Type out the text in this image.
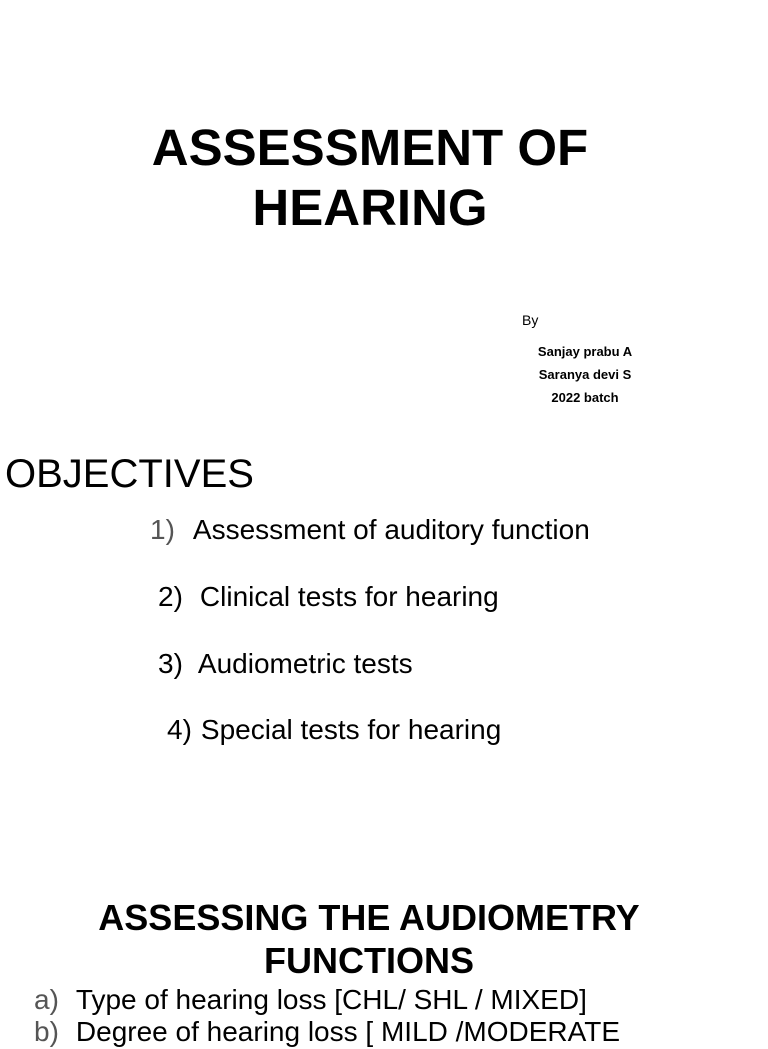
ASSESSMENT OF
HEARING
By
Sanjay prabu A
Saranya devi S
2022 batch
OBJECTIVES
1) Assessment of auditory function
2) Clinical tests for hearing
3) Audiometric tests
4) Special tests for hearing
ASSESSING THE AUDIOMETRY
FUNCTIONS
a) Type of hearing loss [CHL/ SHL / MIXED]
b) Degree of hearing loss [ MILD /MODERATE
